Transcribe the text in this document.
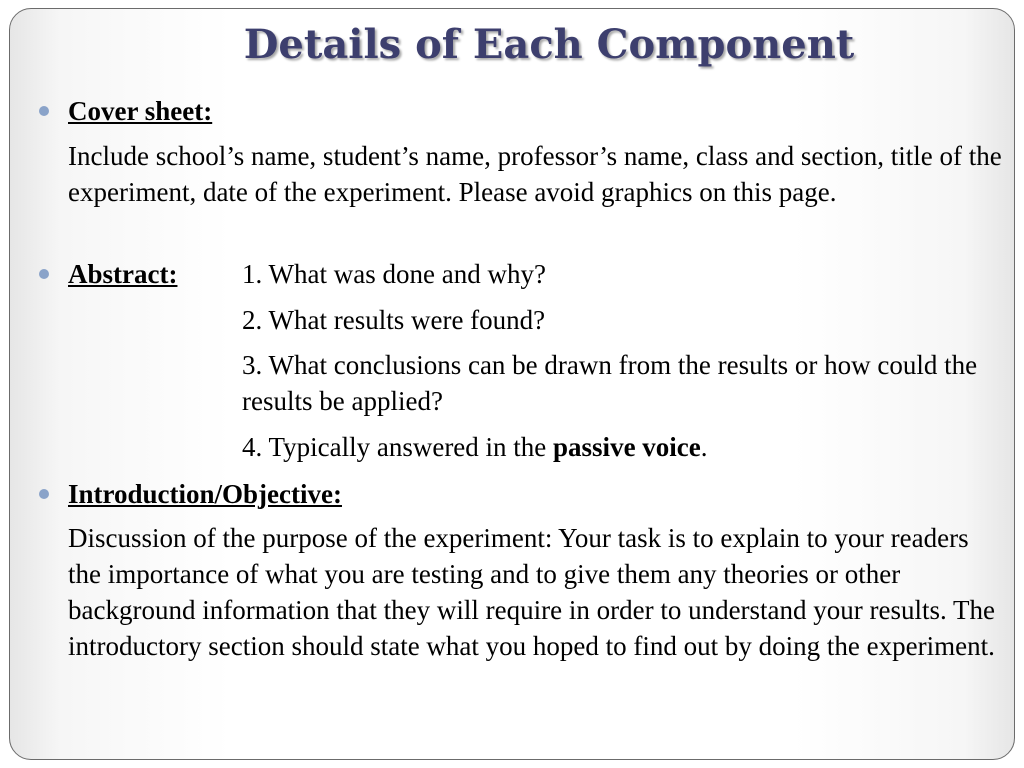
Details of Each Component
Cover sheet:
Include school’s name, student’s name, professor’s name, class and section, title of the experiment, date of the experiment. Please avoid graphics on this page.
Abstract: 1. What was done and why?
2. What results were found?
3. What conclusions can be drawn from the results or how could the results be applied?
4. Typically answered in the passive voice.
Introduction/Objective:
Discussion of the purpose of the experiment: Your task is to explain to your readers the importance of what you are testing and to give them any theories or other background information that they will require in order to understand your results. The introductory section should state what you hoped to find out by doing the experiment.
